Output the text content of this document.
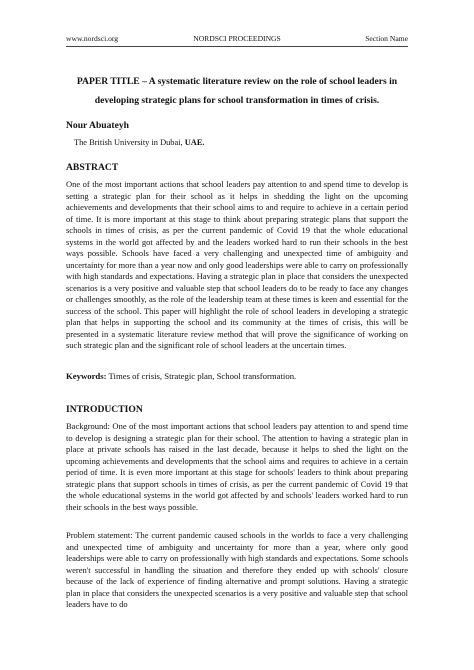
www.nordsci.org	NORDSCI PROCEEDINGS	Section Name
PAPER TITLE – A systematic literature review on the role of school leaders in developing strategic plans for school transformation in times of crisis.
Nour Abuateyh
The British University in Dubai, UAE.
ABSTRACT

One of the most important actions that school leaders pay attention to and spend time to develop is setting a strategic plan for their school as it helps in shedding the light on the upcoming achievements and developments that their school aims to and require to achieve in a certain period of time. It is more important at this stage to think about preparing strategic plans that support the schools in times of crisis, as per the current pandemic of Covid 19 that the whole educational systems in the world got affected by and the leaders worked hard to run their schools in the best ways possible. Schools have faced a very challenging and unexpected time of ambiguity and uncertainty for more than a year now and only good leaderships were able to carry on professionally with high standards and expectations. Having a strategic plan in place that considers the unexpected scenarios is a very positive and valuable step that school leaders do to be ready to face any changes or challenges smoothly, as the role of the leadership team at these times is keen and essential for the success of the school. This paper will highlight the role of school leaders in developing a strategic plan that helps in supporting the school and its community at the times of crisis, this will be presented in a systematic literature review method that will prove the significance of working on such strategic plan and the significant role of school leaders at the uncertain times.

Keywords: Times of crisis, Strategic plan, School transformation.
INTRODUCTION

Background: One of the most important actions that school leaders pay attention to and spend time to develop is designing a strategic plan for their school. The attention to having a strategic plan in place at private schools has raised in the last decade, because it helps to shed the light on the upcoming achievements and developments that the school aims and requires to achieve in a certain period of time. It is even more important at this stage for schools' leaders to think about preparing strategic plans that support schools in times of crisis, as per the current pandemic of Covid 19 that the whole educational systems in the world got affected by and schools' leaders worked hard to run their schools in the best ways possible.

Problem statement: The current pandemic caused schools in the worlds to face a very challenging and unexpected time of ambiguity and uncertainty for more than a year, where only good leaderships were able to carry on professionally with high standards and expectations. Some schools weren't successful in handling the situation and therefore they ended up with schools' closure because of the lack of experience of finding alternative and prompt solutions. Having a strategic plan in place that considers the unexpected scenarios is a very positive and valuable step that school leaders have to do
